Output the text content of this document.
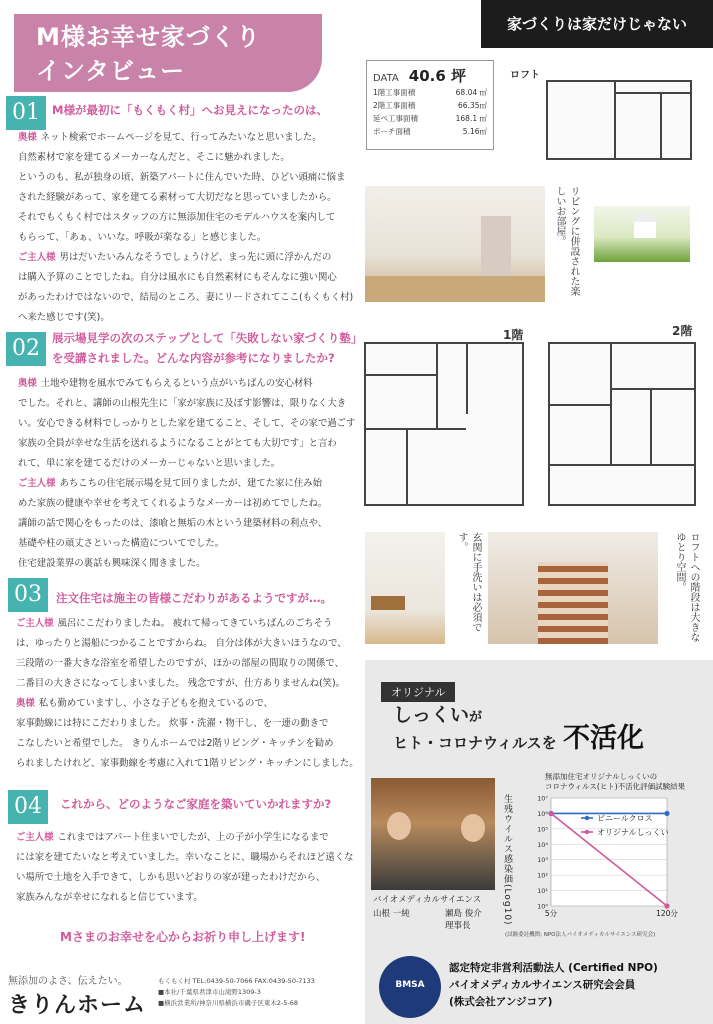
M様お幸せ家づくり
インタビュー
家づくりは家だけじゃない
01	M様が最初に「もくもく村」へお見えになったのは、
奥様 ネット検索でホームページを見て、行ってみたいなと思いました。
自然素材で家を建てるメーカーなんだと、そこに魅かれました。
というのも、私が独身の頃、新築アパートに住んでいた時、ひどい頭痛に悩ま
された経験があって、家を建てる素材って大切だなと思っていましたから。
それでもくもく村ではスタッフの方に無添加住宅のモデルハウスを案内して
もらって、「あぁ、いいな。呼吸が楽なる」と感じました。
ご主人様 男はだいたいみんなそうでしょうけど、まっ先に頭に浮かんだの
は購入予算のことでしたね。自分は風水にも自然素材にもそんなに強い関心
があったわけではないので、結局のところ、妻にリードされてここ(もくもく村)
へ来た感じです(笑)。
02	展示場見学の次のステップとして「失敗しない家づくり塾」
を受講されました。どんな内容が参考になりましたか?
奥様 土地や建物を風水でみてもらえるという点がいちばんの安心材料
でした。それと、講師の山根先生に「家が家族に及ぼす影響は、限りなく大き
い。安心できる材料でしっかりとした家を建てること、そして、その家で過ごす
家族の全員が幸せな生活を送れるようになることがとても大切です」と言わ
れて、単に家を建てるだけのメーカーじゃないと思いました。
ご主人様 あちこちの住宅展示場を見て回りましたが、建てた家に住み始
めた家族の健康や幸せを考えてくれるようなメーカーは初めてでしたね。
講師の話で関心をもったのは、漆喰と無垢の木という建築材料の利点や、
基礎や柱の頑丈さといった構造についてでした。
住宅建設業界の裏話も興味深く聞きました。
03	注文住宅は施主の皆様こだわりがあるようですが…。
ご主人様 風呂にこだわりましたね。 疲れて帰ってきていちばんのごちそう
は、ゆったりと湯船につかることですからね。 自分は体が大きいほうなので、
三段階の一番大きな浴室を希望したのですが、ほかの部屋の間取りの関係で、
二番目の大きさになってしまいました。 残念ですが、仕方ありませんね(笑)。
奥様 私も勤めていますし、小さな子どもを抱えているので、
家事動線には特にこだわりました。 炊事・洗濯・物干し、を一連の動きで
こなしたいと希望でした。 きりんホームでは2階リビング・キッチンを勧め
られましたけれど、家事動線を考慮に入れて1階リビング・キッチンにしました。
04	これから、どのようなご家庭を築いていかれますか?
ご主人様 これまではアパート住まいでしたが、上の子が小学生になるまで
には家を建てたいなと考えていました。幸いなことに、職場からそれほど遠くな
い場所で土地を入手できて、しかも思いどおりの家が建ったわけだから、
家族みんなが幸せになれると信じています。
Mさまのお幸せを心からお祈り申し上げます!
無添加のよさ、伝えたい。
きりんホーム
もくもく村 TEL:0439-50-7066 FAX:0439-50-7133
■本社/千葉県君津市山滝野1309-3
■横浜営業所/神奈川県横浜市磯子区東木2-5-68
DATA 40.6 坪
1階工事面積	68.04 ㎡
2階工事面積	66.35㎡
延べ工事面積	168.1 ㎡
ポーチ面積	5.16㎡
ロフト
1階	2階
リビングに併設された楽しいお部屋。
玄関に手洗いは必須です。	ロフトへの階段は大きなゆとり空間。
オリジナル
しっくいが
ヒト・コロナウィルスを 不活化
バイオメディカルサイエンス
山根 一純	瀬島 俊介
理事長
無添加住宅オリジナルしっくいの
コロナウィルス(ヒト)不活化評価試験結果
生残ウイルス感染価(Log10)	10⁰
10¹
10²
10³
10⁴
10⁵
10⁶
10⁷
5分	120分
ビニールクロス
オリジナルしっくい
(試験委託機関: NPO法人バイオメディカルサイエンス研究会)
BMSA
認定特定非営利活動法人 (Certified NPO)
バイオメディカルサイエンス研究会会員
(株式会社アンジコア)
